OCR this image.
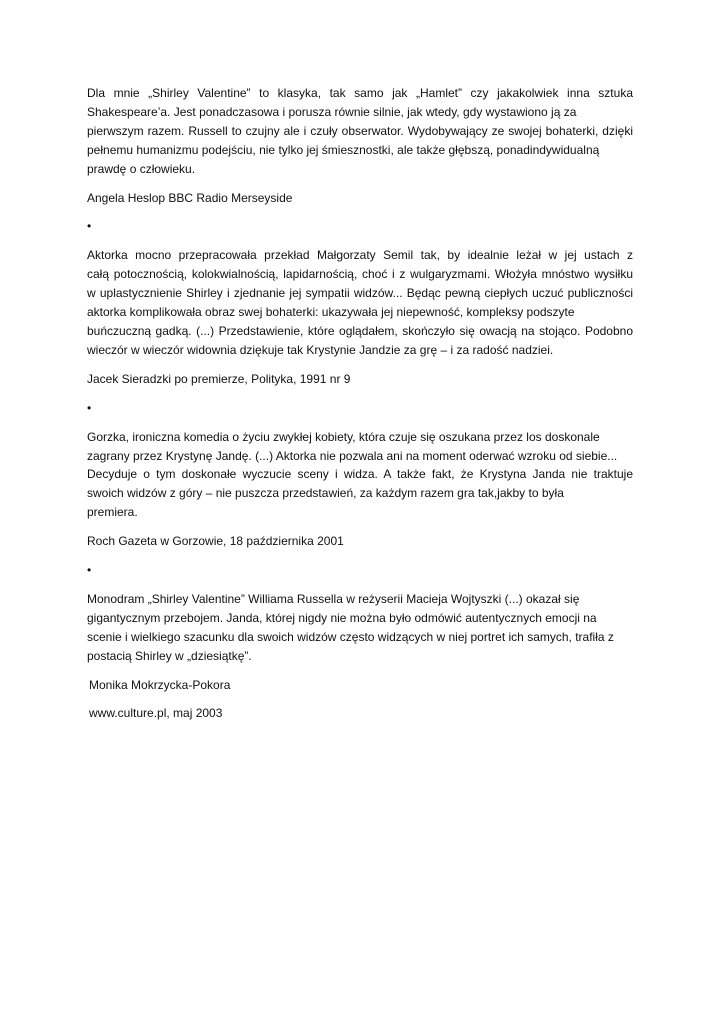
Dla mnie „Shirley Valentine” to klasyka, tak samo jak „Hamlet” czy jakakolwiek inna sztuka
Shakespeare’a. Jest ponadczasowa i porusza równie silnie, jak wtedy, gdy wystawiono ją za
pierwszym razem. Russell to czujny ale i czuły obserwator. Wydobywający ze swojej bohaterki, dzięki
pełnemu humanizmu podejściu, nie tylko jej śmiesznostki, ale także głębszą, ponadindywidualną
prawdę o człowieku.
Angela Heslop BBC Radio Merseyside
•
Aktorka mocno przepracowała przekład Małgorzaty Semil tak, by idealnie leżał w jej ustach z
całą potocznością, kolokwialnością, lapidarnością, choć i z wulgaryzmami. Włożyła mnóstwo wysiłku
w uplastycznienie Shirley i zjednanie jej sympatii widzów... Będąc pewną ciepłych uczuć publiczności
aktorka komplikowała obraz swej bohaterki: ukazywała jej niepewność, kompleksy podszyte
buńczuczną gadką. (...) Przedstawienie, które oglądałem, skończyło się owacją na stojąco. Podobno
wieczór w wieczór widownia dziękuje tak Krystynie Jandzie za grę – i za radość nadziei.
Jacek Sieradzki po premierze, Polityka, 1991 nr 9
•
Gorzka, ironiczna komedia o życiu zwykłej kobiety, która czuje się oszukana przez los doskonale
zagrany przez Krystynę Jandę. (...) Aktorka nie pozwala ani na moment oderwać wzroku od siebie...
Decyduje o tym doskonałe wyczucie sceny i widza. A także fakt, że Krystyna Janda nie traktuje
swoich widzów z góry – nie puszcza przedstawień, za każdym razem gra tak,jakby to była
premiera.
Roch Gazeta w Gorzowie, 18 października 2001
•
Monodram „Shirley Valentine” Williama Russella w reżyserii Macieja Wojtyszki (...) okazał się
gigantycznym przebojem. Janda, której nigdy nie można było odmówić autentycznych emocji na
scenie i wielkiego szacunku dla swoich widzów często widzących w niej portret ich samych, trafiła z
postacią Shirley w „dziesiątkę”.
Monika Mokrzycka-Pokora
www.culture.pl, maj 2003
